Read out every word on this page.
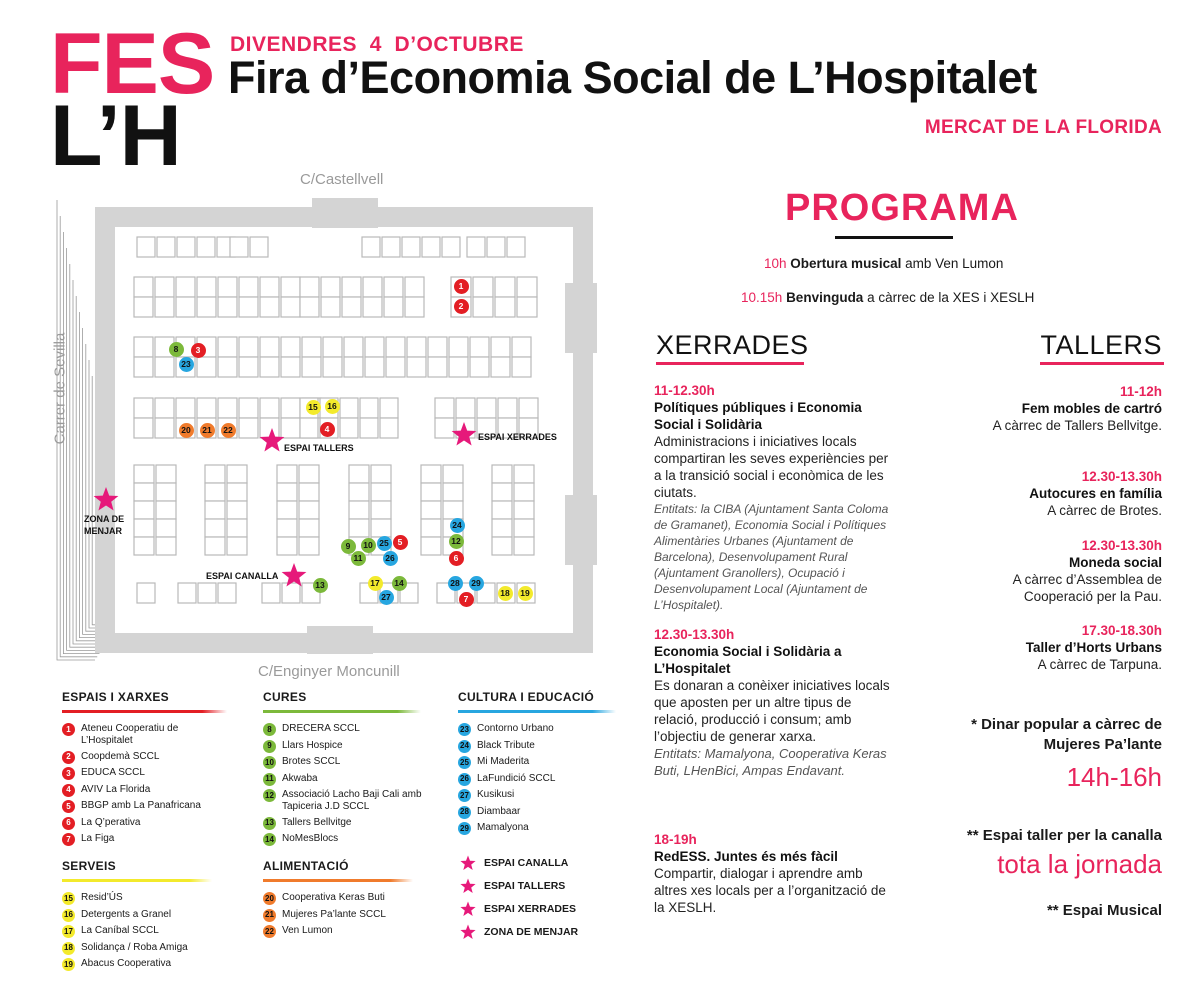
FES
L’H
DIVENDRES  4  D’OCTUBRE
Fira d’Economia Social de L’Hospitalet
MERCAT DE LA FLORIDA
C/Castellvell
C/Enginyer Moncunill
Carrer de Sevilla
1
2
8	3
23
15	16
4
20	21	22
24
12
6
9	10 25	5
11	26
13	17	14
27
28	29
7
18	19
ESPAI TALLERS
ESPAI XERRADES
ESPAI CANALLA
ZONA DE
MENJAR
PROGRAMA
10h Obertura musical amb Ven Lumon
10.15h Benvinguda a càrrec de la XES i XESLH
XERRADES
11-12.30h
Polítiques públiques i Economia Social i Solidària
Administracions i iniciatives locals compartiran les seves experiències per a la transició social i econòmica de les ciutats.
Entitats: la CIBA (Ajuntament Santa Coloma de Gramanet), Economia Social i Polítiques Alimentàries Urbanes (Ajuntament de Barcelona), Desenvolupament Rural (Ajuntament Granollers), Ocupació i Desenvolupament Local (Ajuntament de L’Hospitalet).
12.30-13.30h
Economia Social i Solidària a L’Hospitalet
Es donaran a conèixer iniciatives locals que aposten per un altre tipus de relació, producció i consum; amb l’objectiu de generar xarxa.
Entitats: Mamalyona, Cooperativa Keras Buti, LHenBici, Ampas Endavant.
18-19h
RedESS. Juntes és més fàcil
Compartir, dialogar i aprendre amb altres xes locals per a l’organització de la XESLH.
TALLERS
11-12h
Fem mobles de cartró
A càrrec de Tallers Bellvitge.
12.30-13.30h
Autocures en família
A càrrec de Brotes.
12.30-13.30h
Moneda social
A càrrec d’Assemblea de Cooperació per la Pau.
17.30-18.30h
Taller d’Horts Urbans
A càrrec de Tarpuna.
* Dinar popular a càrrec de Mujeres Pa’lante
14h-16h
** Espai taller per la canalla
tota la jornada
** Espai Musical
ESPAIS I XARXES
1	Ateneu Cooperatiu de L’Hospitalet
2	Coopdemà SCCL
3	EDUCA SCCL
4	AVIV La Florida
5	BBGP amb La Panafricana
6	La Q’perativa
7	La Figa
CURES
8	DRECERA SCCL
9	Llars Hospice
10 Brotes SCCL
11 Akwaba
12 Associació Lacho Baji Cali amb Tapiceria J.D SCCL
13 Tallers Bellvitge
14 NoMesBlocs
CULTURA I EDUCACIÓ
23 Contorno Urbano
24 Black Tribute
25 Mi Maderita
26 LaFundició SCCL
27 Kusikusi
28 Diambaar
29 Mamalyona
SERVEIS
15 Resid’ÚS
16 Detergents a Granel
17 La Caníbal SCCL
18 Solidança / Roba Amiga
19 Abacus Cooperativa
ALIMENTACIÓ
20 Cooperativa Keras Buti
21 Mujeres Pa’lante SCCL
22 Ven Lumon
ESPAI CANALLA
ESPAI TALLERS
ESPAI XERRADES
ZONA DE MENJAR
